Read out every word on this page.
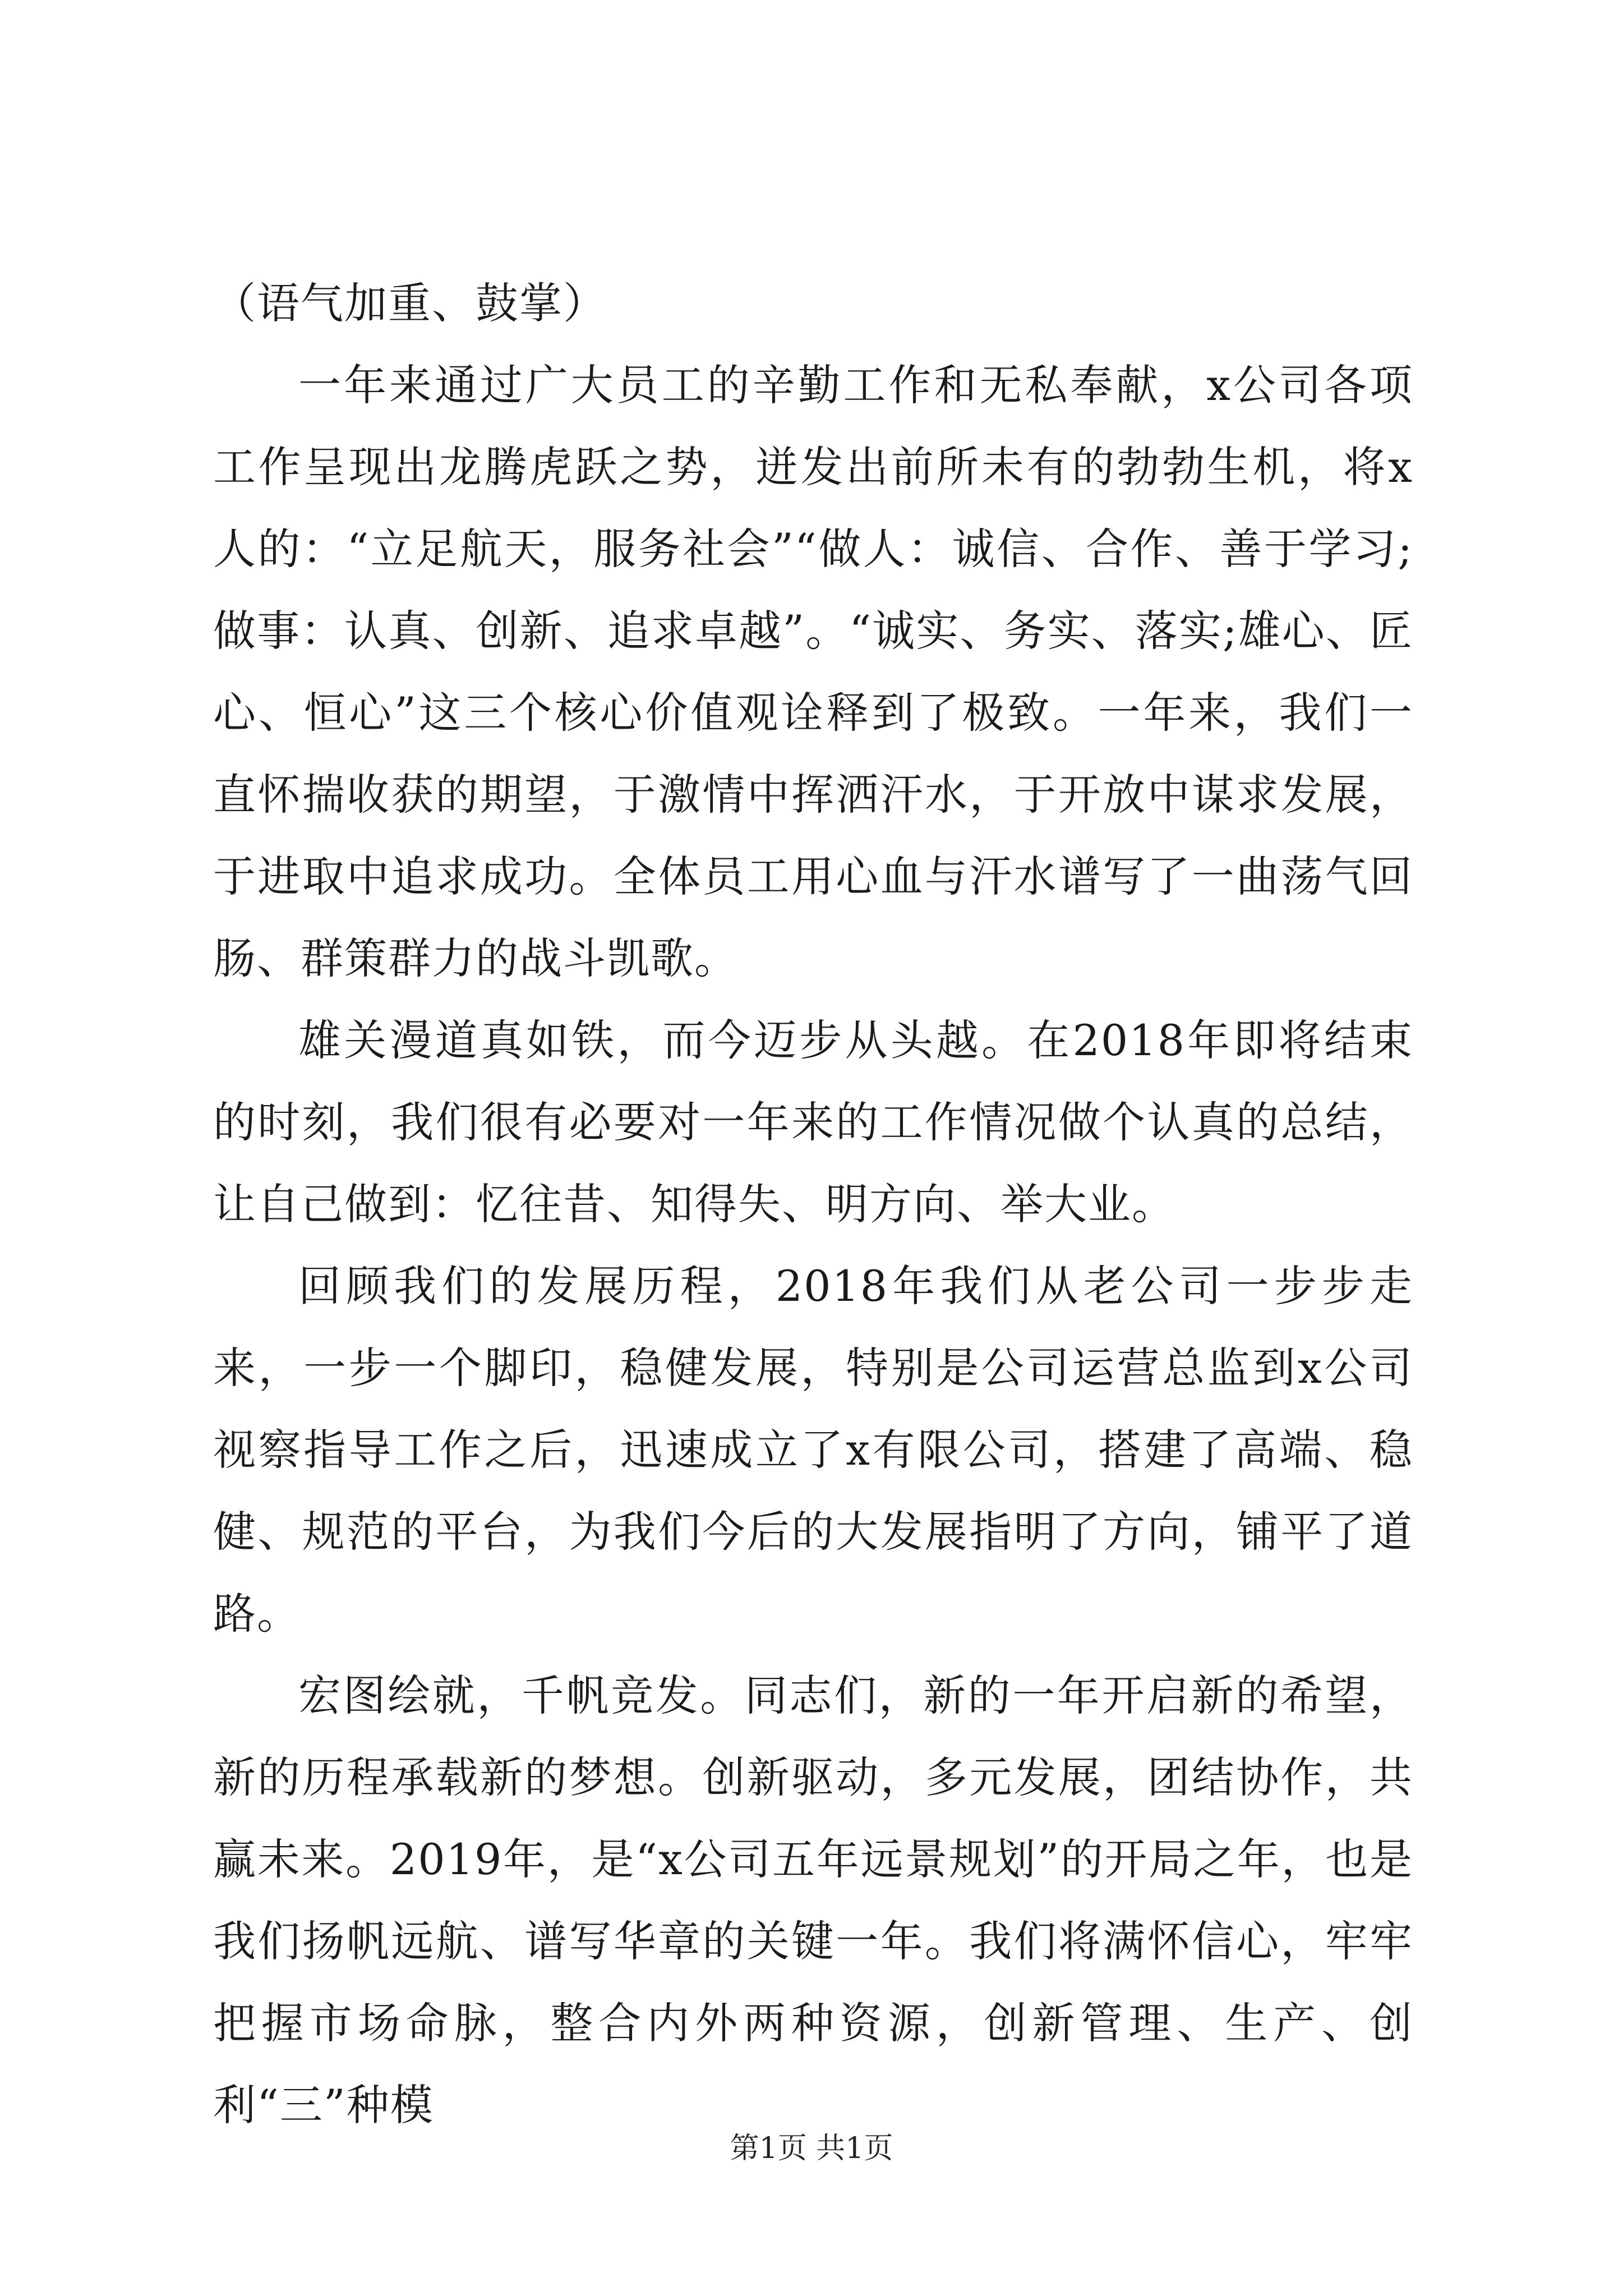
（语气加重、鼓掌）

一年来通过广大员工的辛勤工作和无私奉献，x公司各项工作呈现出龙腾虎跃之势，迸发出前所未有的勃勃生机，将x人的：“立足航天，服务社会”“做人：诚信、合作、善于学习;做事：认真、创新、追求卓越”。“诚实、务实、落实;雄心、匠心、恒心”这三个核心价值观诠释到了极致。一年来，我们一直怀揣收获的期望，于激情中挥洒汗水，于开放中谋求发展，于进取中追求成功。全体员工用心血与汗水谱写了一曲荡气回肠、群策群力的战斗凯歌。

雄关漫道真如铁，而今迈步从头越。在2018年即将结束的时刻，我们很有必要对一年来的工作情况做个认真的总结，让自己做到：忆往昔、知得失、明方向、举大业。

回顾我们的发展历程，2018年我们从老公司一步步走来，一步一个脚印，稳健发展，特别是公司运营总监到x公司视察指导工作之后，迅速成立了x有限公司，搭建了高端、稳健、规范的平台，为我们今后的大发展指明了方向，铺平了道路。

宏图绘就，千帆竞发。同志们，新的一年开启新的希望，新的历程承载新的梦想。创新驱动，多元发展，团结协作，共赢未来。2019年，是“x公司五年远景规划”的开局之年，也是我们扬帆远航、谱写华章的关键一年。我们将满怀信心，牢牢把握市场命脉，整合内外两种资源，创新管理、生产、创利“三”种模

第1页 共1页
